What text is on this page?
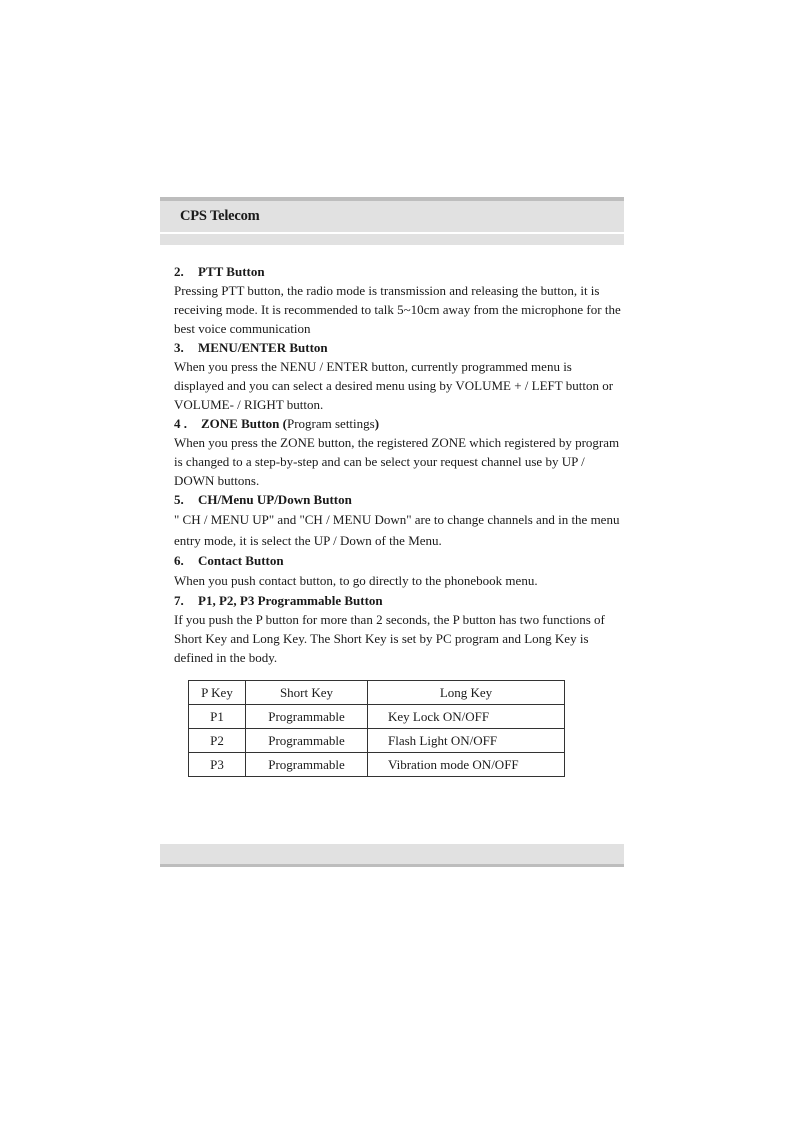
CPS Telecom
2.	PTT Button

Pressing PTT button, the radio mode is transmission and releasing the button, it is receiving mode. It is recommended to talk 5~10cm away from the microphone for the best voice communication

3.	MENU/ENTER Button

When you press the NENU / ENTER button, currently programmed menu is displayed and you can select a desired menu using by VOLUME + / LEFT button or VOLUME- / RIGHT button.

4 .	ZONE Button ( Program settings )

When you press the ZONE button, the registered ZONE which registered by program is changed to a step-by-step and can be select your request channel use by UP / DOWN buttons.

5.	CH/Menu UP/Down Button

" CH / MENU UP" and "CH / MENU Down" are to change channels and in the menu entry mode, it is select the UP / Down of the Menu.

6.	Contact Button

When you push contact button, to go directly to the phonebook menu.

7.	P1, P2, P3 Programmable Button

If you push the P button for more than 2 seconds, the P button has two functions of Short Key and Long Key. The Short Key is set by PC program and Long Key is defined in the body.

P Key	Short Key	Long Key
P1	Programmable	Key Lock ON/OFF
P2	Programmable	Flash Light ON/OFF
P3	Programmable	Vibration mode ON/OFF
